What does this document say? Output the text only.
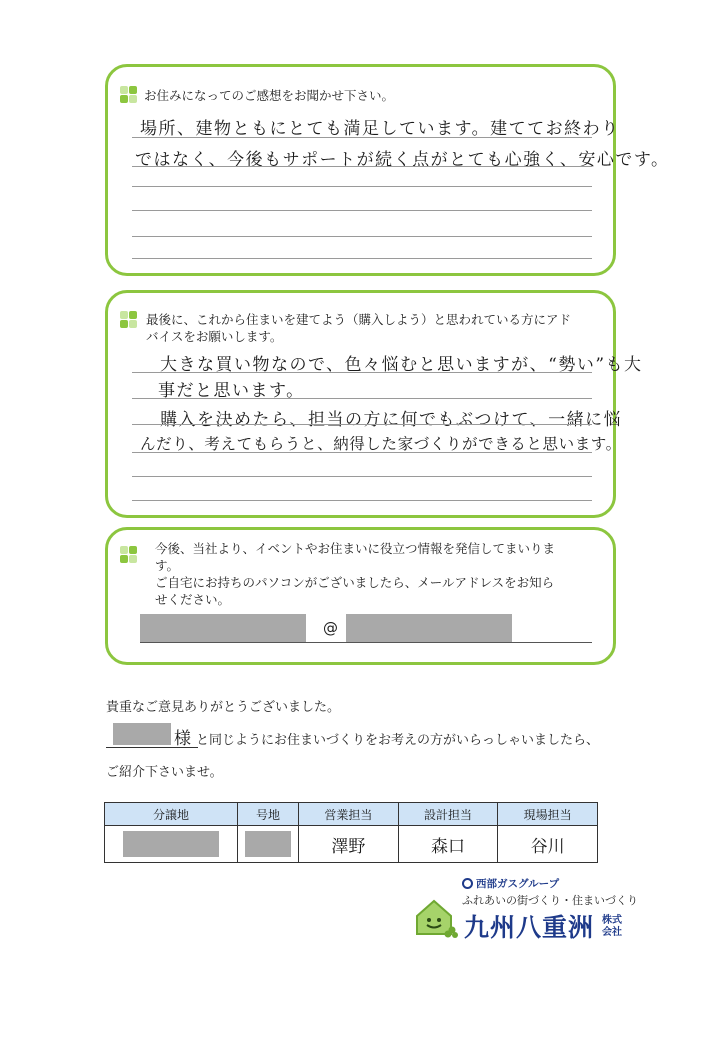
お住みになってのご感想をお聞かせ下さい。
場所、建物ともにとても満足しています。建ててお終わり
ではなく、今後もサポートが続く点がとても心強く、安心です。
最後に、これから住まいを建てよう（購入しよう）と思われている方にアド
バイスをお願いします。
大きな買い物なので、色々悩むと思いますが、“勢い”も大
事だと思います。
購入を決めたら、担当の方に何でもぶつけて、一緒に悩
んだり、考えてもらうと、納得した家づくりができると思います。
今後、当社より、イベントやお住まいに役立つ情報を発信してまいりま
す。
ご自宅にお持ちのパソコンがございましたら、メールアドレスをお知ら
せください。
@
貴重なご意見ありがとうございました。
様 と同じようにお住まいづくりをお考えの方がいらっしゃいましたら、
ご紹介下さいませ。
分譲地	号地	営業担当	設計担当	現場担当
		澤野	森口	谷川
西部ガスグループ
ふれあいの街づくり・住まいづくり
九州八重洲 株式
会社
